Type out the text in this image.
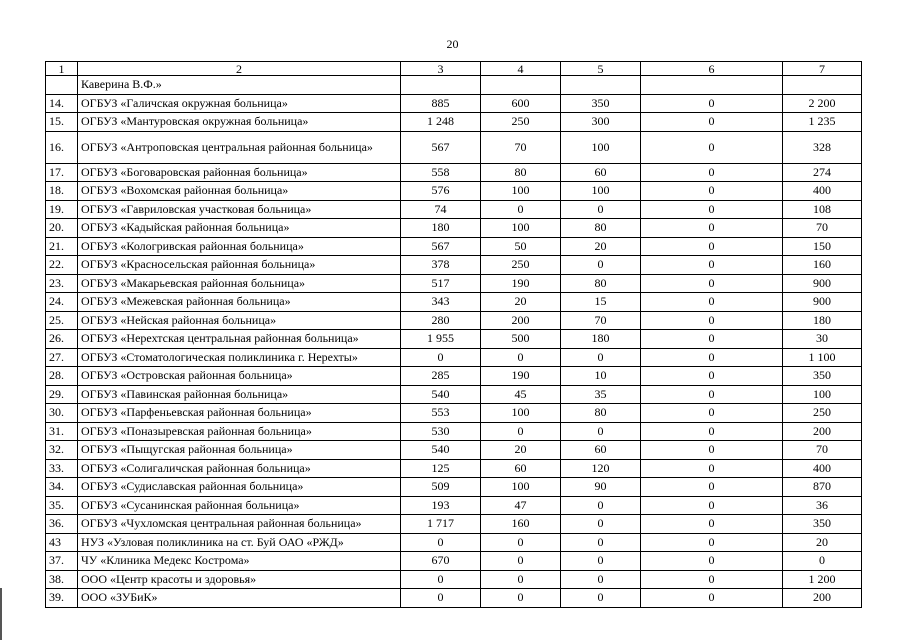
20
1	2	3	4	5	6	7
	Каверина В.Ф.»					
14.	ОГБУЗ «Галичская окружная больница»	885	600	350	0	2 200
15.	ОГБУЗ «Мантуровская окружная больница»	1 248	250	300	0	1 235
16.	ОГБУЗ «Антроповская центральная районная больница»	567	70	100	0	328
17.	ОГБУЗ «Боговаровская районная больница»	558	80	60	0	274
18.	ОГБУЗ «Вохомская районная больница»	576	100	100	0	400
19.	ОГБУЗ «Гавриловская участковая больница»	74	0	0	0	108
20.	ОГБУЗ «Кадыйская районная больница»	180	100	80	0	70
21.	ОГБУЗ «Кологривская районная больница»	567	50	20	0	150
22.	ОГБУЗ «Красносельская районная больница»	378	250	0	0	160
23.	ОГБУЗ «Макарьевская районная больница»	517	190	80	0	900
24.	ОГБУЗ «Межевская районная больница»	343	20	15	0	900
25.	ОГБУЗ «Нейская районная больница»	280	200	70	0	180
26.	ОГБУЗ «Нерехтская центральная районная больница»	1 955	500	180	0	30
27.	ОГБУЗ «Стоматологическая поликлиника г. Нерехты»	0	0	0	0	1 100
28.	ОГБУЗ «Островская районная больница»	285	190	10	0	350
29.	ОГБУЗ «Павинская районная больница»	540	45	35	0	100
30.	ОГБУЗ «Парфеньевская районная больница»	553	100	80	0	250
31.	ОГБУЗ «Поназыревская районная больница»	530	0	0	0	200
32.	ОГБУЗ «Пыщугская районная больница»	540	20	60	0	70
33.	ОГБУЗ «Солигаличская районная больница»	125	60	120	0	400
34.	ОГБУЗ «Судиславская районная больница»	509	100	90	0	870
35.	ОГБУЗ «Сусанинская районная больница»	193	47	0	0	36
36.	ОГБУЗ «Чухломская центральная районная больница»	1 717	160	0	0	350
43	НУЗ «Узловая поликлиника на ст. Буй ОАО «РЖД»	0	0	0	0	20
37.	ЧУ «Клиника Медекс Кострома»	670	0	0	0	0
38.	ООО «Центр красоты и здоровья»	0	0	0	0	1 200
39.	ООО «ЗУБиК»	0	0	0	0	200
